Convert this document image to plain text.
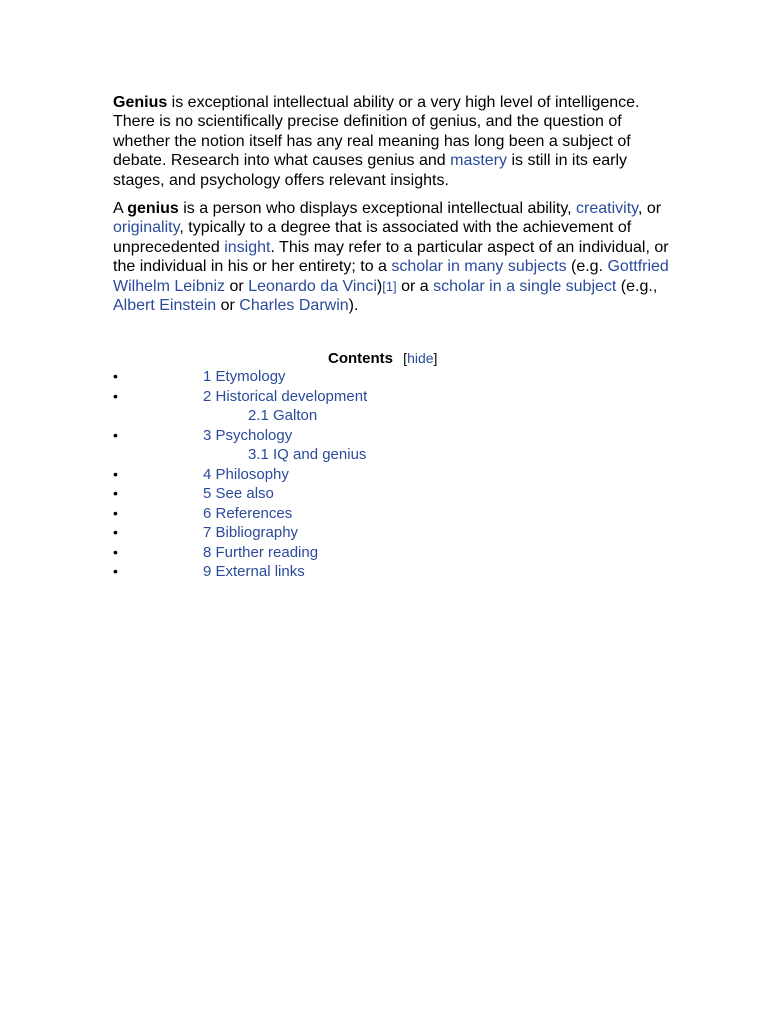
Genius is exceptional intellectual ability or a very high level of intelligence. There is no scientifically precise definition of genius, and the question of whether the notion itself has any real meaning has long been a subject of debate. Research into what causes genius and mastery is still in its early stages, and psychology offers relevant insights.

A genius is a person who displays exceptional intellectual ability, creativity, or originality, typically to a degree that is associated with the achievement of unprecedented insight. This may refer to a particular aspect of an individual, or the individual in his or her entirety; to a scholar in many subjects (e.g. Gottfried Wilhelm Leibniz or Leonardo da Vinci)[1] or a scholar in a single subject (e.g., Albert Einstein or Charles Darwin).

Contents [hide]
•	1 Etymology
•	2 Historical development
2.1 Galton
•	3 Psychology
3.1 IQ and genius
•	4 Philosophy
•	5 See also
•	6 References
•	7 Bibliography
•	8 Further reading
•	9 External links
